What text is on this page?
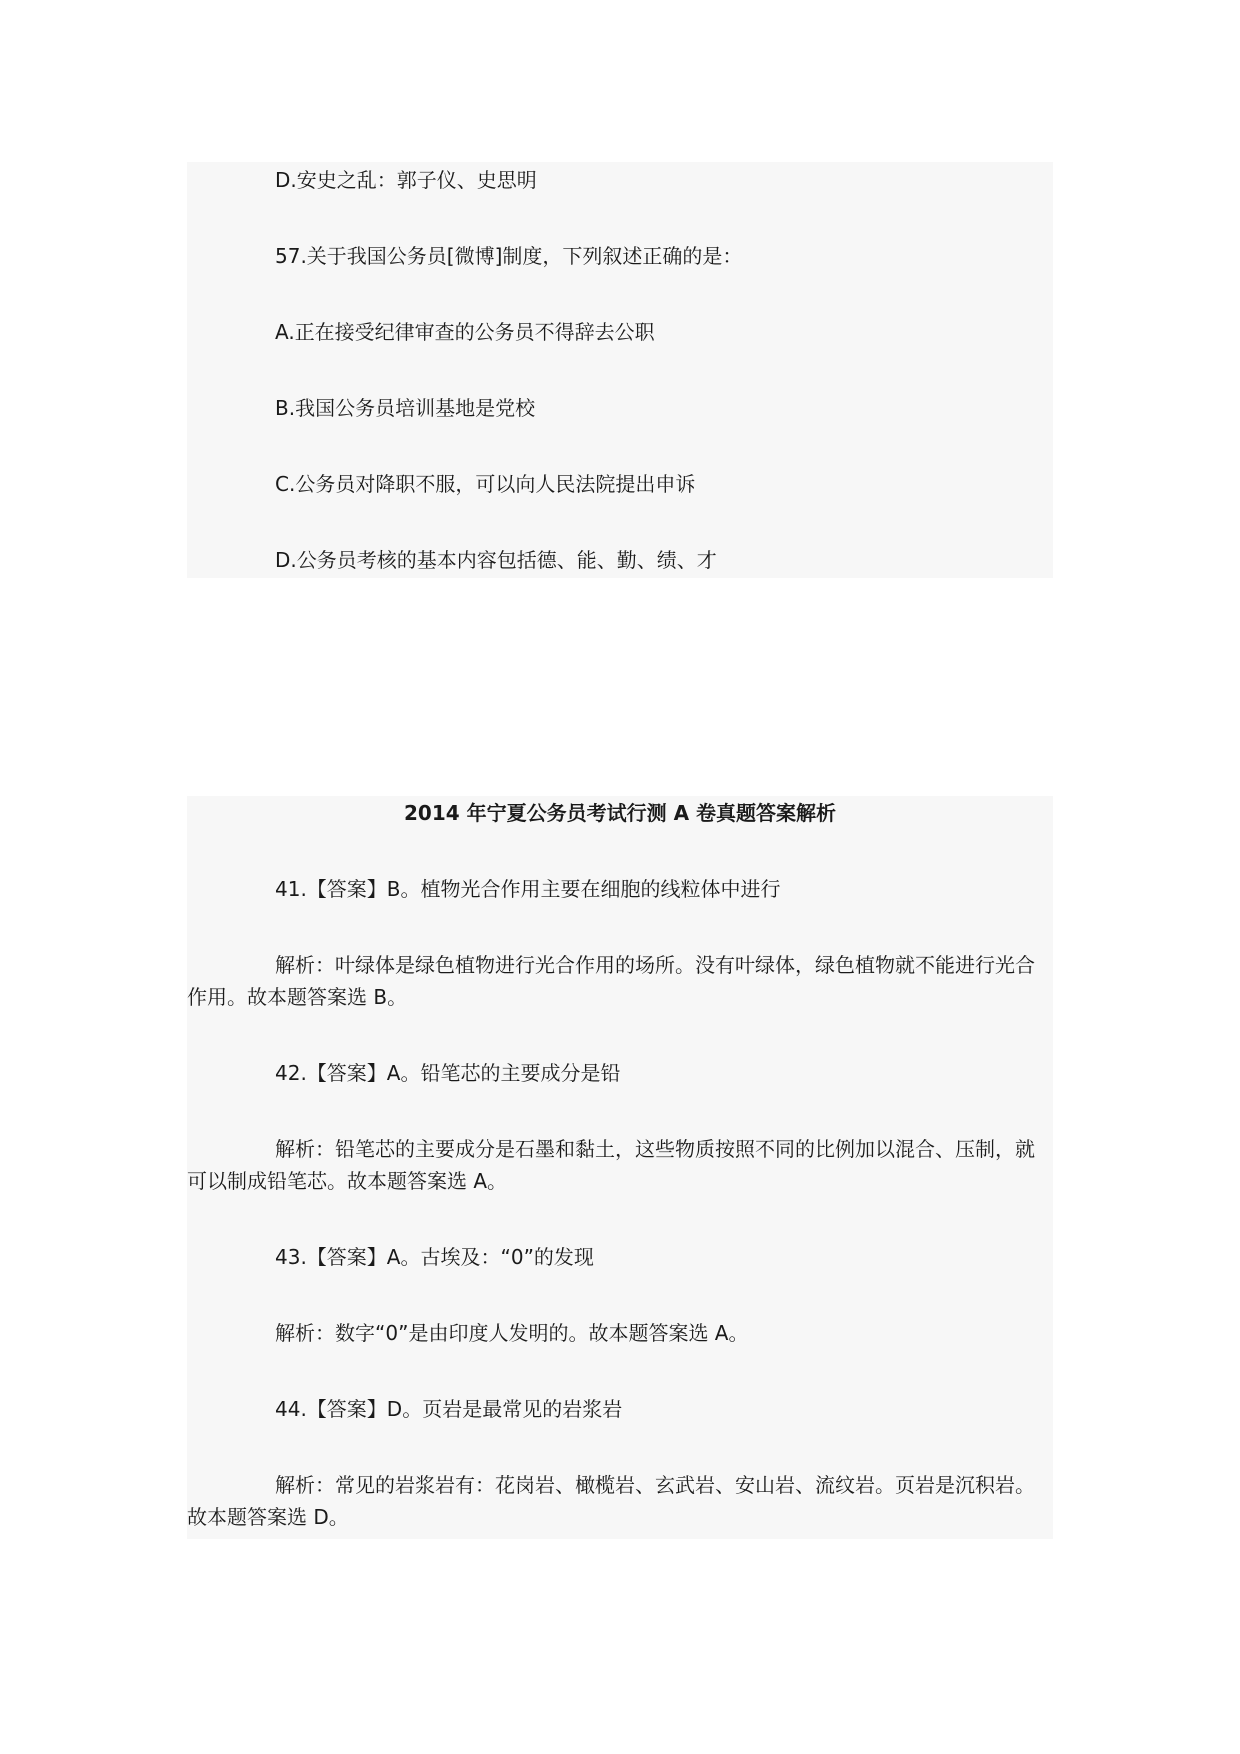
D.安史之乱：郭子仪、史思明

57.关于我国公务员[微博]制度，下列叙述正确的是：

A.正在接受纪律审查的公务员不得辞去公职

B.我国公务员培训基地是党校

C.公务员对降职不服，可以向人民法院提出申诉

D.公务员考核的基本内容包括德、能、勤、绩、才

2014 年宁夏公务员考试行测 A 卷真题答案解析

41.【答案】B。植物光合作用主要在细胞的线粒体中进行

解析：叶绿体是绿色植物进行光合作用的场所。没有叶绿体，绿色植物就不能进行光合作用。故本题答案选 B。

42.【答案】A。铅笔芯的主要成分是铅

解析：铅笔芯的主要成分是石墨和黏土，这些物质按照不同的比例加以混合、压制，就可以制成铅笔芯。故本题答案选 A。

43.【答案】A。古埃及：“0”的发现

解析：数字“0”是由印度人发明的。故本题答案选 A。

44.【答案】D。页岩是最常见的岩浆岩

解析：常见的岩浆岩有：花岗岩、橄榄岩、玄武岩、安山岩、流纹岩。页岩是沉积岩。故本题答案选 D。
